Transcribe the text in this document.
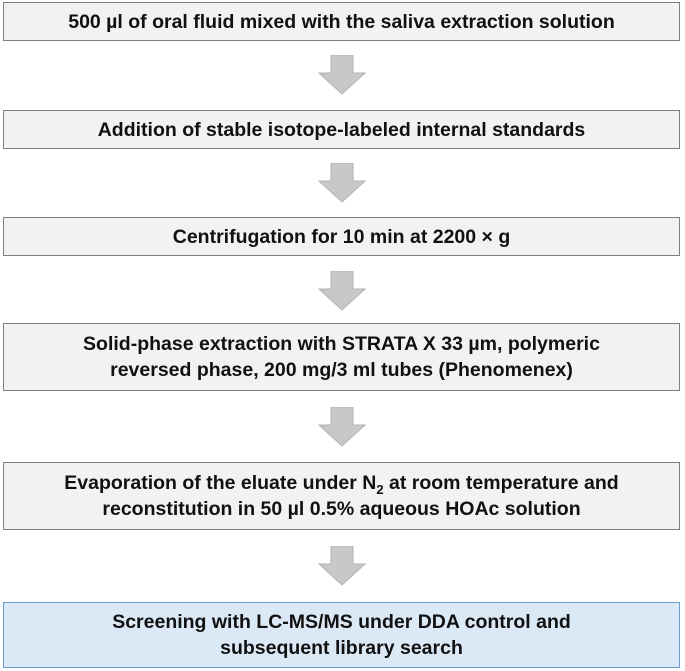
500 µl of oral fluid mixed with the saliva extraction solution
Addition of stable isotope-labeled internal standards
Centrifugation for 10 min at 2200 × g
Solid-phase extraction with STRATA X 33 µm, polymeric
reversed phase, 200 mg/3 ml tubes (Phenomenex)
Evaporation of the eluate under $N_2$ at room temperature and
reconstitution in 50 µl 0.5% aqueous HOAc solution
Screening with LC-MS/MS under DDA control and
subsequent library search
